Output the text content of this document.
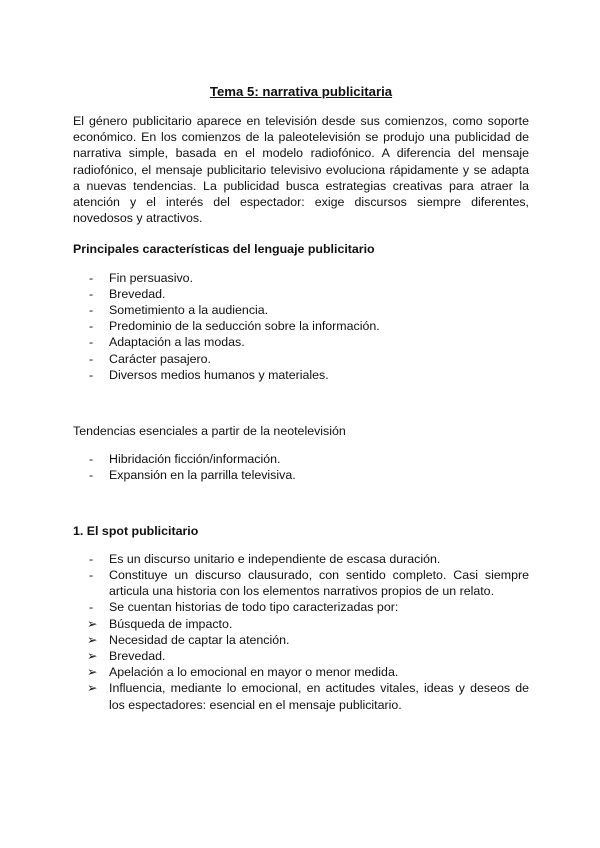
Tema 5: narrativa publicitaria

El género publicitario aparece en televisión desde sus comienzos, como soporte económico. En los comienzos de la paleotelevisión se produjo una publicidad de narrativa simple, basada en el modelo radiofónico. A diferencia del mensaje radiofónico, el mensaje publicitario televisivo evoluciona rápidamente y se adapta a nuevas tendencias. La publicidad busca estrategias creativas para atraer la atención y el interés del espectador: exige discursos siempre diferentes, novedosos y atractivos.

Principales características del lenguaje publicitario

- Fin persuasivo.
- Brevedad.
- Sometimiento a la audiencia.
- Predominio de la seducción sobre la información.
- Adaptación a las modas.
- Carácter pasajero.
- Diversos medios humanos y materiales.

Tendencias esenciales a partir de la neotelevisión

- Hibridación ficción/información.
- Expansión en la parrilla televisiva.

1. El spot publicitario

- Es un discurso unitario e independiente de escasa duración.
- Constituye un discurso clausurado, con sentido completo. Casi siempre articula una historia con los elementos narrativos propios de un relato.
- Se cuentan historias de todo tipo caracterizadas por:
➢ Búsqueda de impacto.
➢ Necesidad de captar la atención.
➢ Brevedad.
➢ Apelación a lo emocional en mayor o menor medida.
➢ Influencia, mediante lo emocional, en actitudes vitales, ideas y deseos de los espectadores: esencial en el mensaje publicitario.
